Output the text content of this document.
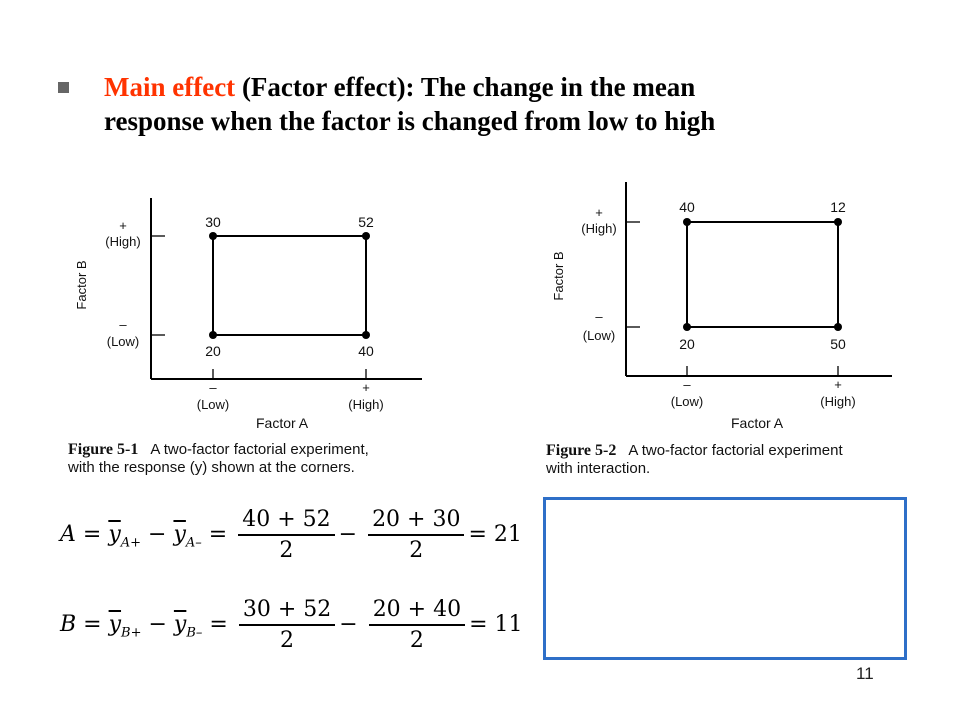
Main effect (Factor effect): The change in the mean
response when the factor is changed from low to high
30	52
20	40
+
(High)
–
(Low)
Factor B
–
(Low)
+
(High)
Factor A
Figure 5-1 A two-factor factorial experiment,
with the response (y) shown at the corners.
40	12
20	50
+
(High)
–
(Low)
Factor B
–
(Low)
+
(High)
Factor A
Figure 5-2 A two-factor factorial experiment
with interaction.
$A = \overline{y}_{A+} - \overline{y}_{A-} = \frac{40 + 52}{2} - \frac{20 + 30}{2} = 21$
$B = \overline{y}_{B+} - \overline{y}_{B-} = \frac{30 + 52}{2} - \frac{20 + 40}{2} = 11$
11
